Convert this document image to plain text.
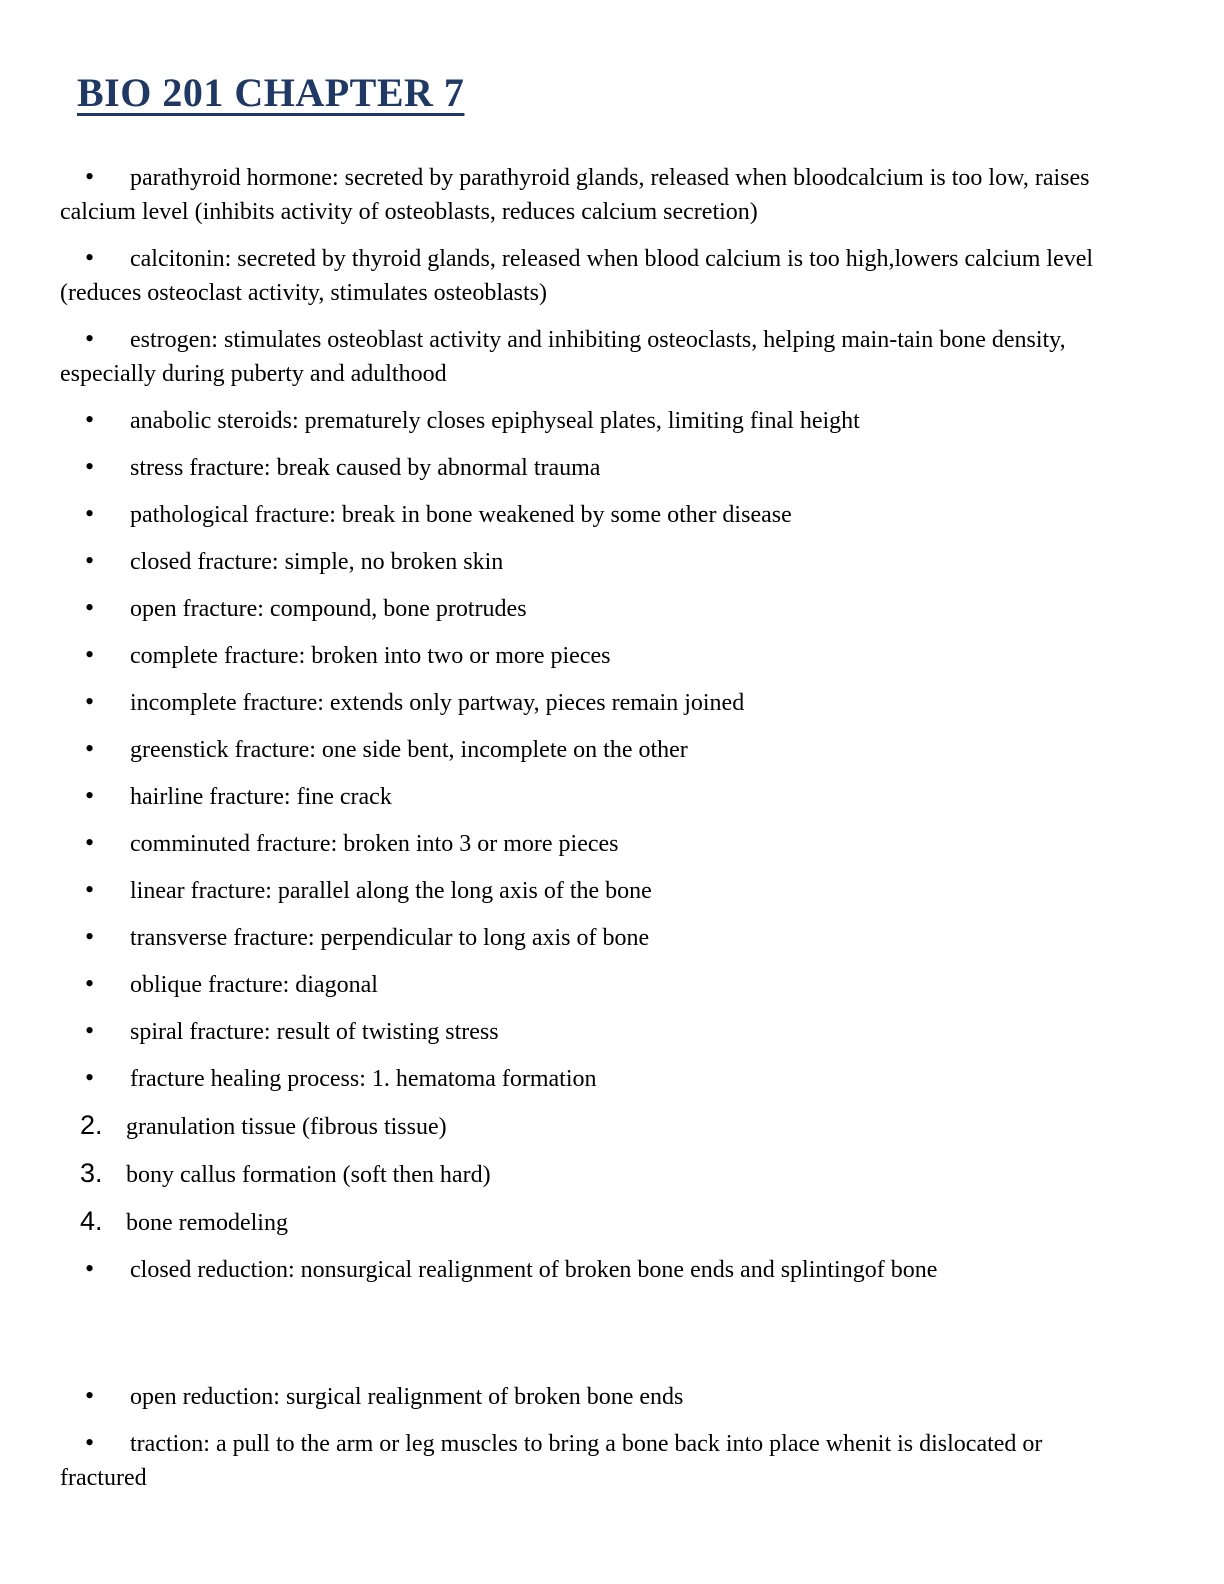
BIO 201 CHAPTER 7

• parathyroid hormone: secreted by parathyroid glands, released when bloodcalcium is too low, raises calcium level (inhibits activity of osteoblasts, reduces calcium secretion)

• calcitonin: secreted by thyroid glands, released when blood calcium is too high,lowers calcium level (reduces osteoclast activity, stimulates osteoblasts)

• estrogen: stimulates osteoblast activity and inhibiting osteoclasts, helping main-tain bone density, especially during puberty and adulthood

• anabolic steroids: prematurely closes epiphyseal plates, limiting final height

• stress fracture: break caused by abnormal trauma

• pathological fracture: break in bone weakened by some other disease

• closed fracture: simple, no broken skin

• open fracture: compound, bone protrudes

• complete fracture: broken into two or more pieces

• incomplete fracture: extends only partway, pieces remain joined

• greenstick fracture: one side bent, incomplete on the other

• hairline fracture: fine crack

• comminuted fracture: broken into 3 or more pieces

• linear fracture: parallel along the long axis of the bone

• transverse fracture: perpendicular to long axis of bone

• oblique fracture: diagonal

• spiral fracture: result of twisting stress

• fracture healing process: 1. hematoma formation

2. granulation tissue (fibrous tissue)

3. bony callus formation (soft then hard)

4. bone remodeling

• closed reduction: nonsurgical realignment of broken bone ends and splintingof bone

• open reduction: surgical realignment of broken bone ends

• traction: a pull to the arm or leg muscles to bring a bone back into place whenit is dislocated or fractured
